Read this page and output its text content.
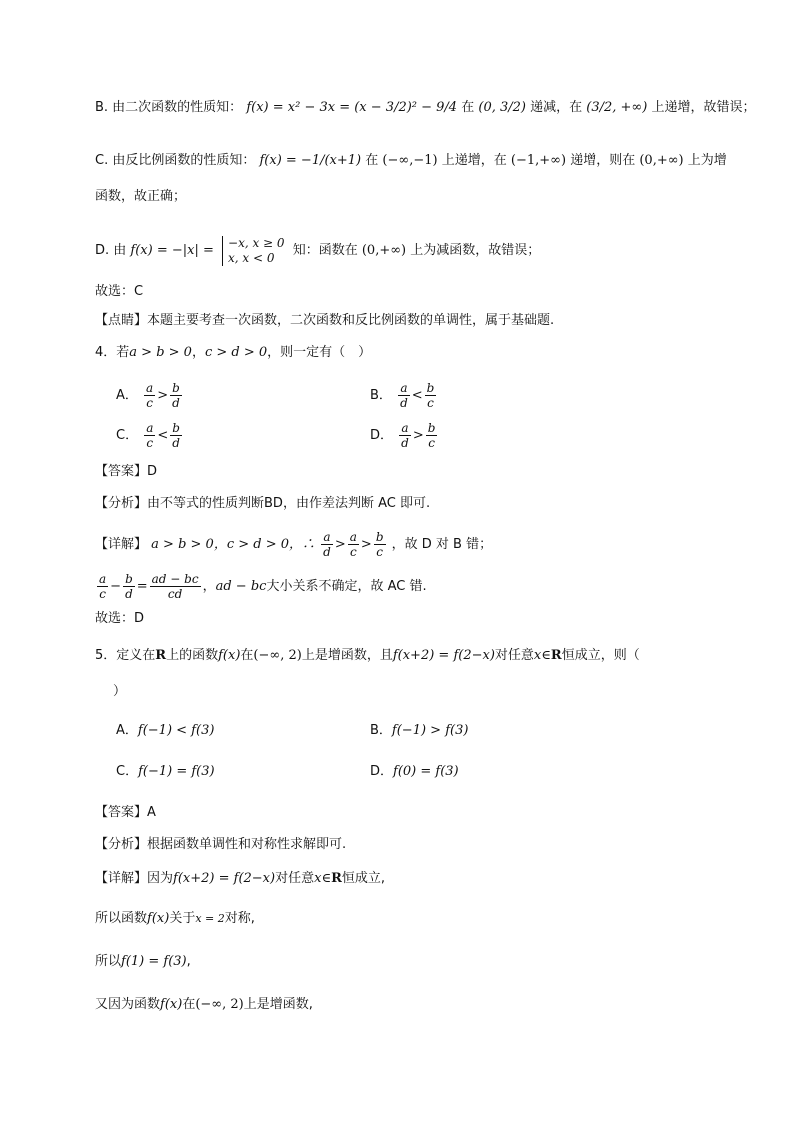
B. 由二次函数的性质知： f(x) = x² − 3x = (x − 3/2)² − 9/4 在 (0, 3/2) 递减，在 (3/2, +∞) 上递增，故错误；
C. 由反比例函数的性质知： f(x) = −1/(x+1) 在 (−∞,−1) 上递增，在 (−1,+∞) 递增，则在 (0,+∞) 上为增
函数，故正确；
D. 由 f(x) = −|x| =
−x, x ≥ 0
x, x < 0	知：函数在 (0,+∞) 上为减函数，故错误；
故选：C
【点睛】本题主要考查一次函数，二次函数和反比例函数的单调性，属于基础题.
4．若a > b > 0，c > d > 0，则一定有（　）
A． $\frac{a}{c} > \frac{b}{d}$	B． $\frac{a}{d} < \frac{b}{c}$
C． $\frac{a}{c} < \frac{b}{d}$	D． $\frac{a}{d} > \frac{b}{c}$
【答案】D
【分析】由不等式的性质判断BD，由作差法判断 AC 即可.
【详解】 a > b > 0，c > d > 0，∴ $\frac{a}{d} > \frac{a}{c} > \frac{b}{c}$ ，故 D 对 B 错；
$\frac{a}{c} - \frac{b}{d} = \frac{ad - bc}{cd}$ ，ad − bc大小关系不确定，故 AC 错.
故选：D
5．定义在R上的函数f(x)在(−∞, 2)上是增函数，且f(x+2) = f(2−x)对任意x∈R恒成立，则（
）
A．f(−1) < f(3)	B．f(−1) > f(3)
C．f(−1) = f(3)	D．f(0) = f(3)
【答案】A
【分析】根据函数单调性和对称性求解即可.
【详解】因为f(x+2) = f(2−x)对任意x∈R恒成立,
所以函数f(x)关于x = 2对称,
所以f(1) = f(3),
又因为函数f(x)在(−∞, 2)上是增函数,
